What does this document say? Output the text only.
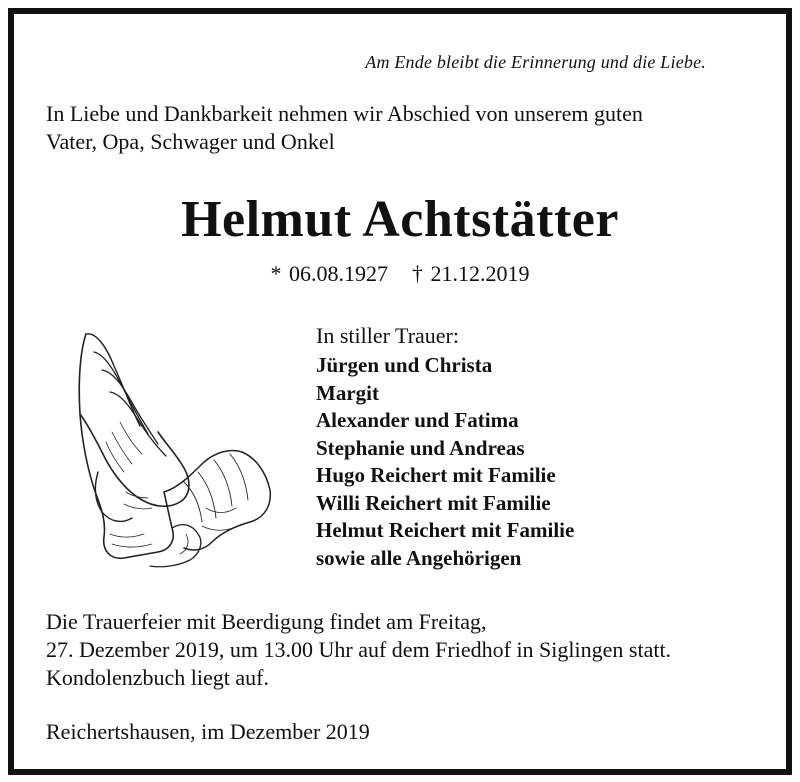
Am Ende bleibt die Erinnerung und die Liebe.
In Liebe und Dankbarkeit nehmen wir Abschied von unserem guten
Vater, Opa, Schwager und Onkel
Helmut Achtstätter
* 06.08.1927 † 21.12.2019
In stiller Trauer:
Jürgen und Christa
Margit
Alexander und Fatima
Stephanie und Andreas
Hugo Reichert mit Familie
Willi Reichert mit Familie
Helmut Reichert mit Familie
sowie alle Angehörigen
Die Trauerfeier mit Beerdigung findet am Freitag,
27. Dezember 2019, um 13.00 Uhr auf dem Friedhof in Siglingen statt.
Kondolenzbuch liegt auf.
Reichertshausen, im Dezember 2019
